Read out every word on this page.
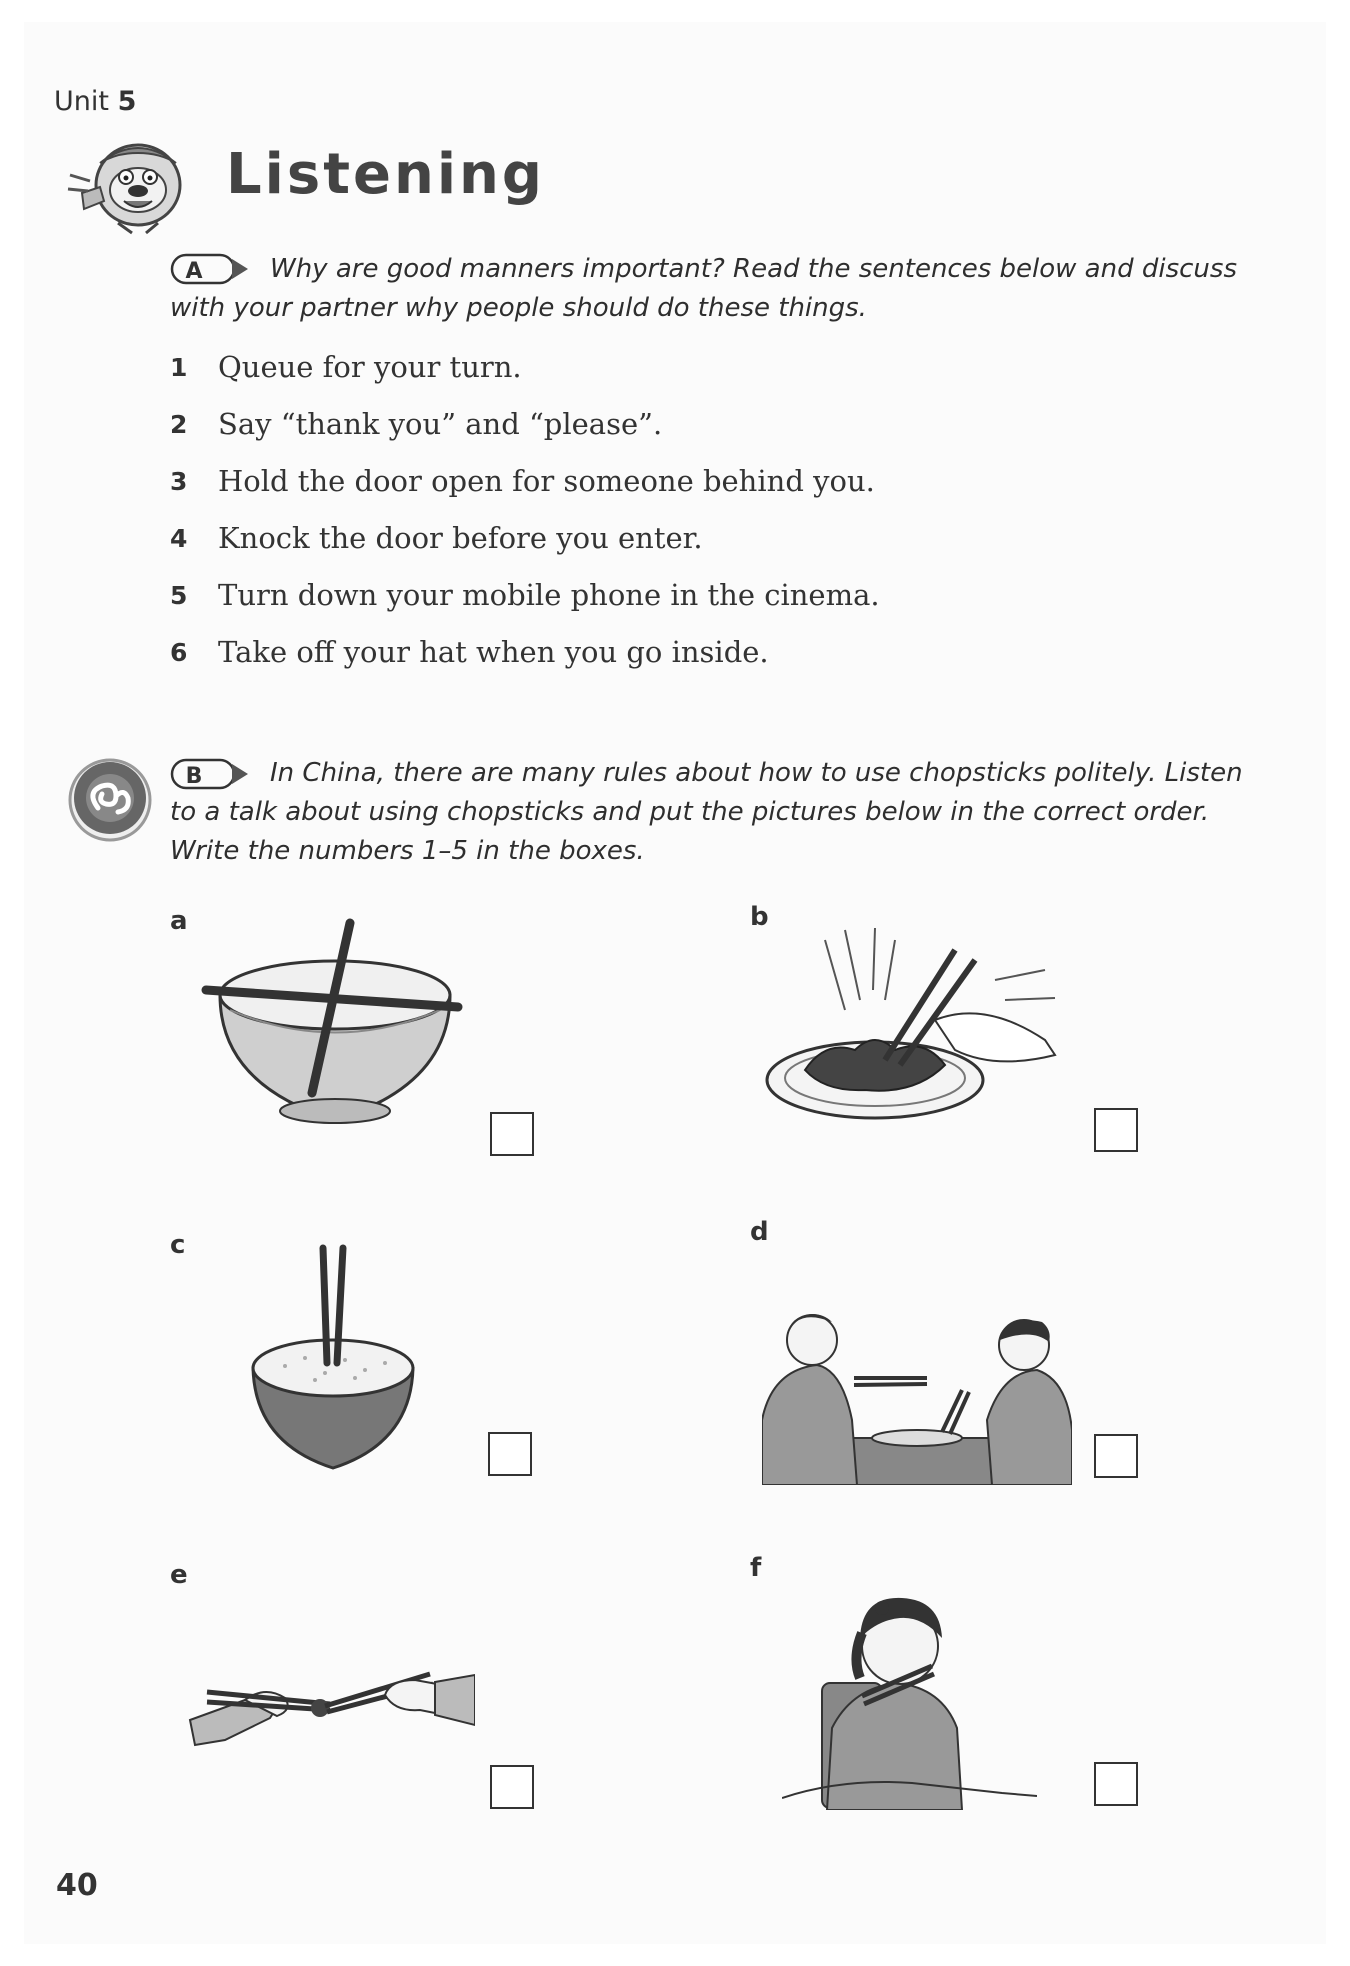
Unit 5
Listening
A	Why are good manners important? Read the sentences below and discuss with your partner why people should do these things.
1	Queue for your turn.
2	Say “thank you” and “please”.
3	Hold the door open for someone behind you.
4	Knock the door before you enter.
5	Turn down your mobile phone in the cinema.
6	Take off your hat when you go inside.
B	In China, there are many rules about how to use chopsticks politely. Listen to a talk about using chopsticks and put the pictures below in the correct order. Write the numbers 1–5 in the boxes.
a	b
c	d
e	f
40
